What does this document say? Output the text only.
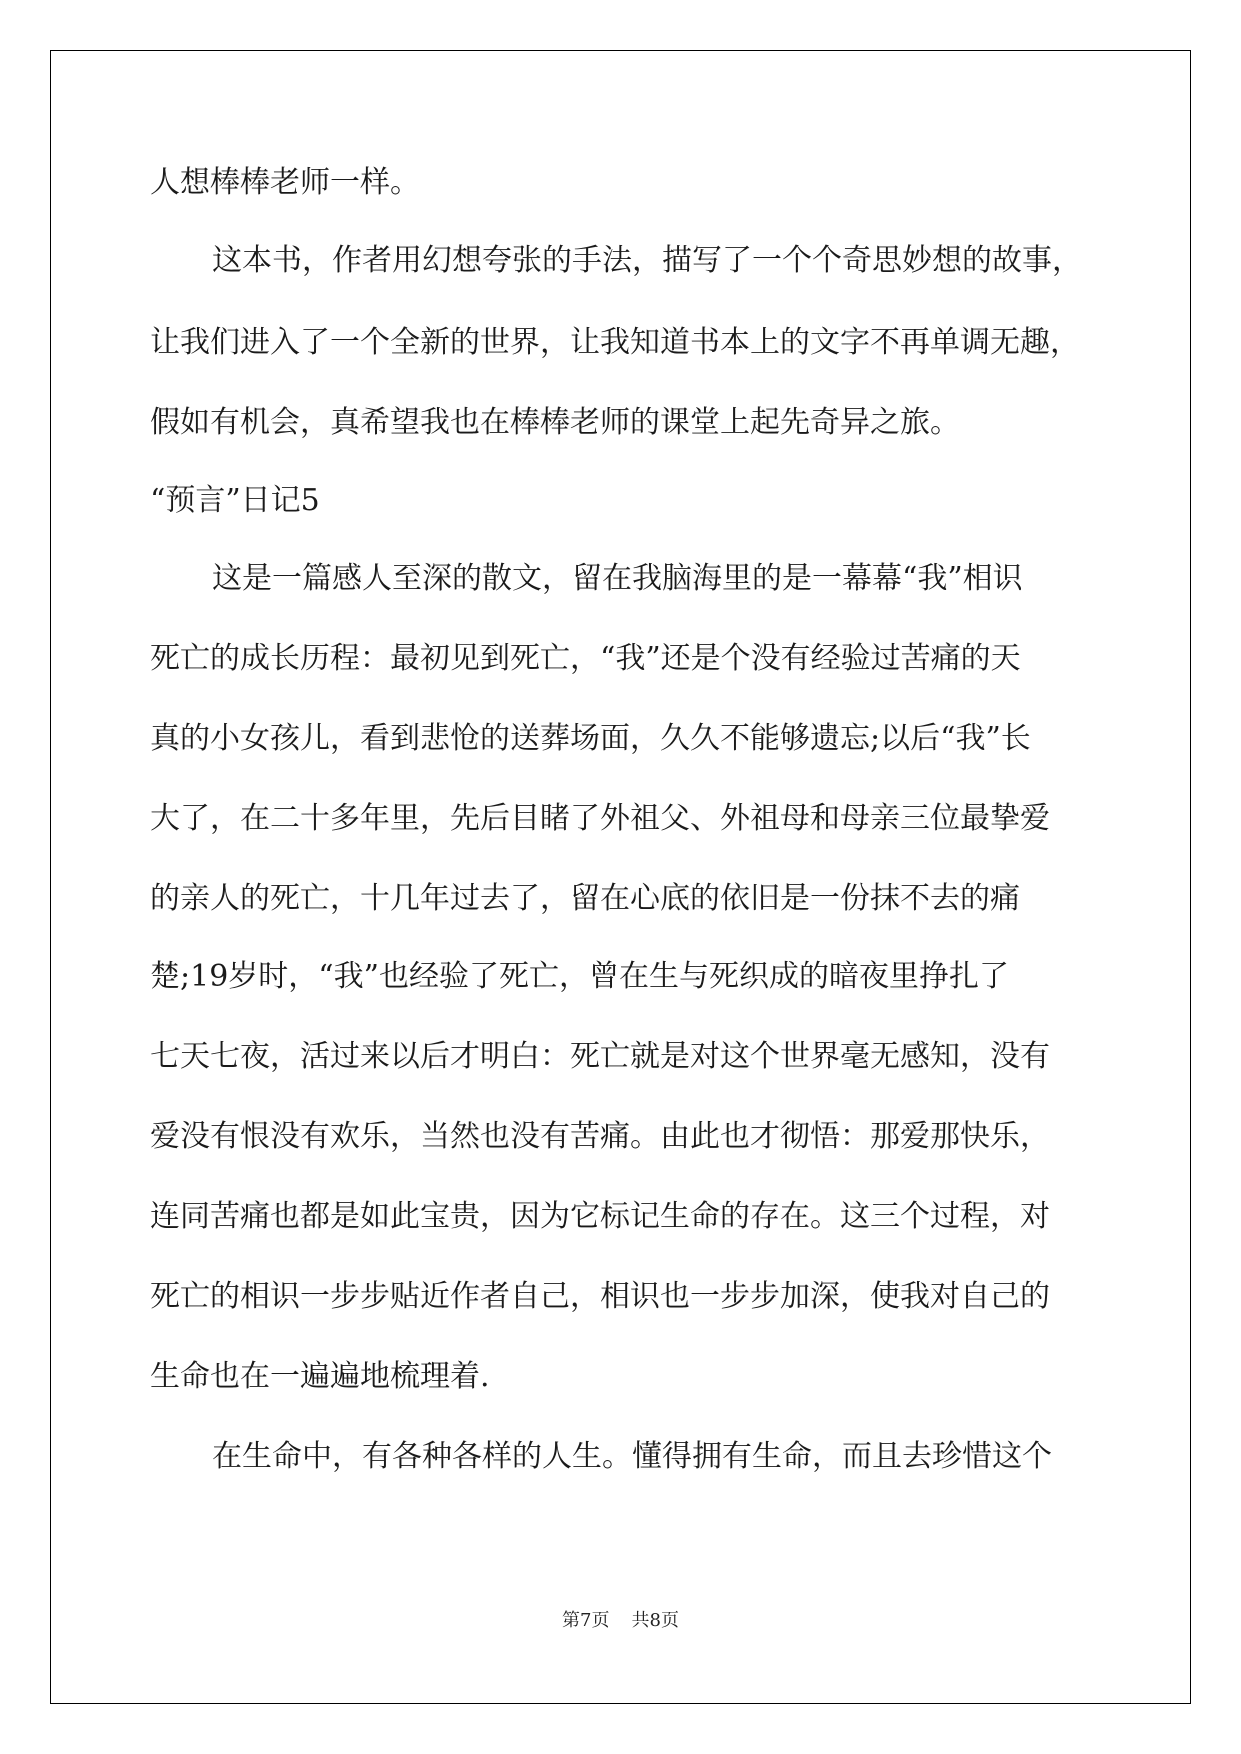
人想棒棒老师一样。
这本书，作者用幻想夸张的手法，描写了一个个奇思妙想的故事，
让我们进入了一个全新的世界，让我知道书本上的文字不再单调无趣，
假如有机会，真希望我也在棒棒老师的课堂上起先奇异之旅。
“预言”日记5
这是一篇感人至深的散文，留在我脑海里的是一幕幕“我”相识
死亡的成长历程：最初见到死亡，“我”还是个没有经验过苦痛的天
真的小女孩儿，看到悲怆的送葬场面，久久不能够遗忘;以后“我”长
大了，在二十多年里，先后目睹了外祖父、外祖母和母亲三位最挚爱
的亲人的死亡，十几年过去了，留在心底的依旧是一份抹不去的痛
楚;19岁时，“我”也经验了死亡，曾在生与死织成的暗夜里挣扎了
七天七夜，活过来以后才明白：死亡就是对这个世界毫无感知，没有
爱没有恨没有欢乐，当然也没有苦痛。由此也才彻悟：那爱那快乐，
连同苦痛也都是如此宝贵，因为它标记生命的存在。这三个过程，对
死亡的相识一步步贴近作者自己，相识也一步步加深，使我对自己的
生命也在一遍遍地梳理着.
在生命中，有各种各样的人生。懂得拥有生命，而且去珍惜这个
第7页 共8页
